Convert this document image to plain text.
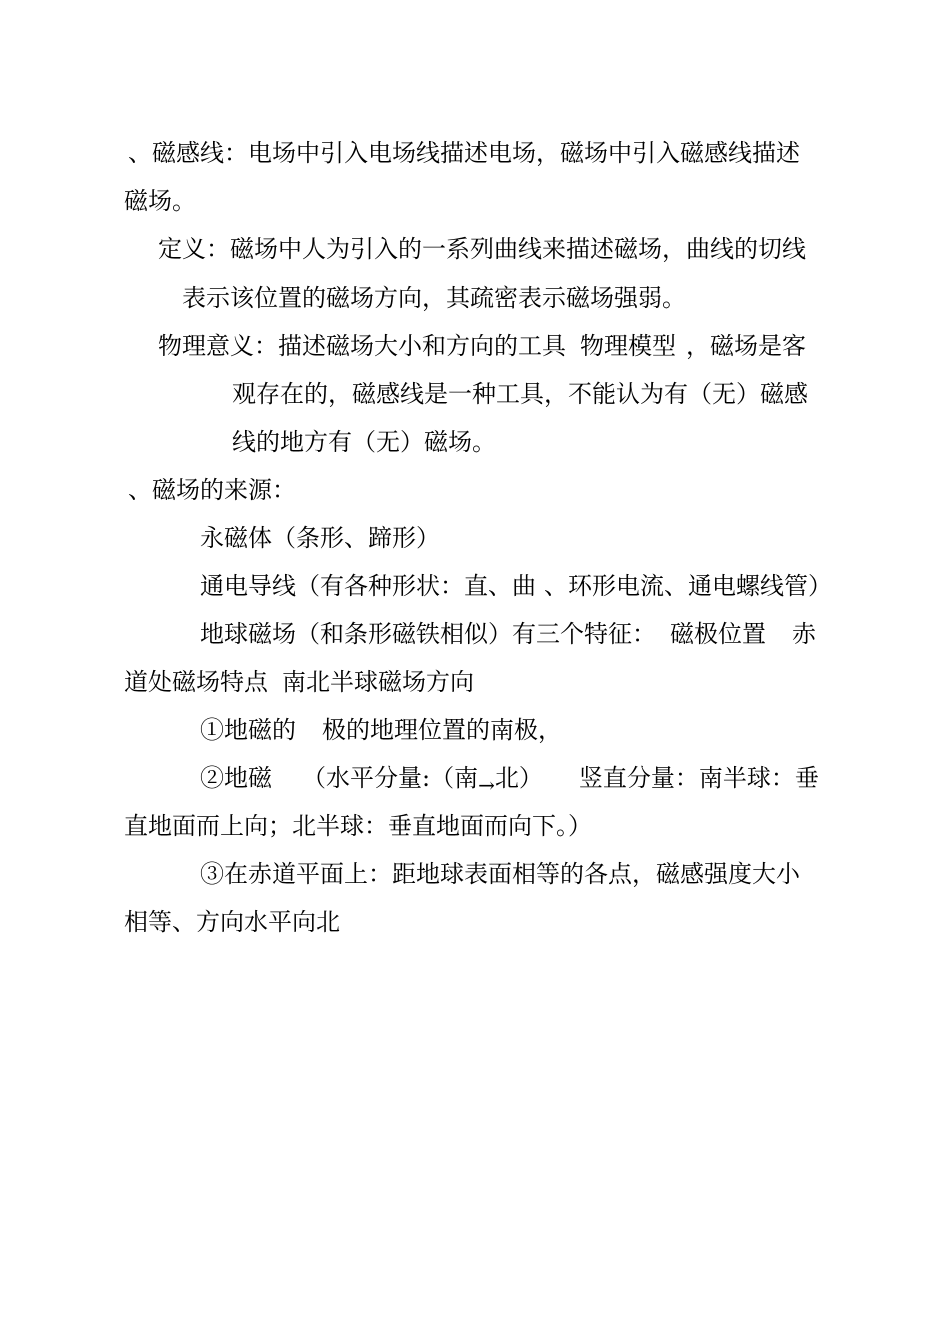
、磁感线：电场中引入电场线描述电场，磁场中引入磁感线描述
磁场。
定义：磁场中人为引入的一系列曲线来描述磁场，曲线的切线
表示该位置的磁场方向，其疏密表示磁场强弱。
物理意义：描述磁场大小和方向的工具 物理模型 ，磁场是客
观存在的，磁感线是一种工具，不能认为有（无）磁感
线的地方有（无）磁场。
、磁场的来源：
永磁体（条形、蹄形）
通电导线（有各种形状：直、曲 、环形电流、通电螺线管）
地球磁场（和条形磁铁相似）有三个特征： 磁极位置 赤
道处磁场特点 南北半球磁场方向
①地磁的 极的地理位置的南极，
②地磁 （水平分量:（南$_\to$北） 竖直分量：南半球：垂
直地面而上向；北半球：垂直地面而向下。）
③在赤道平面上：距地球表面相等的各点，磁感强度大小
相等、方向水平向北
